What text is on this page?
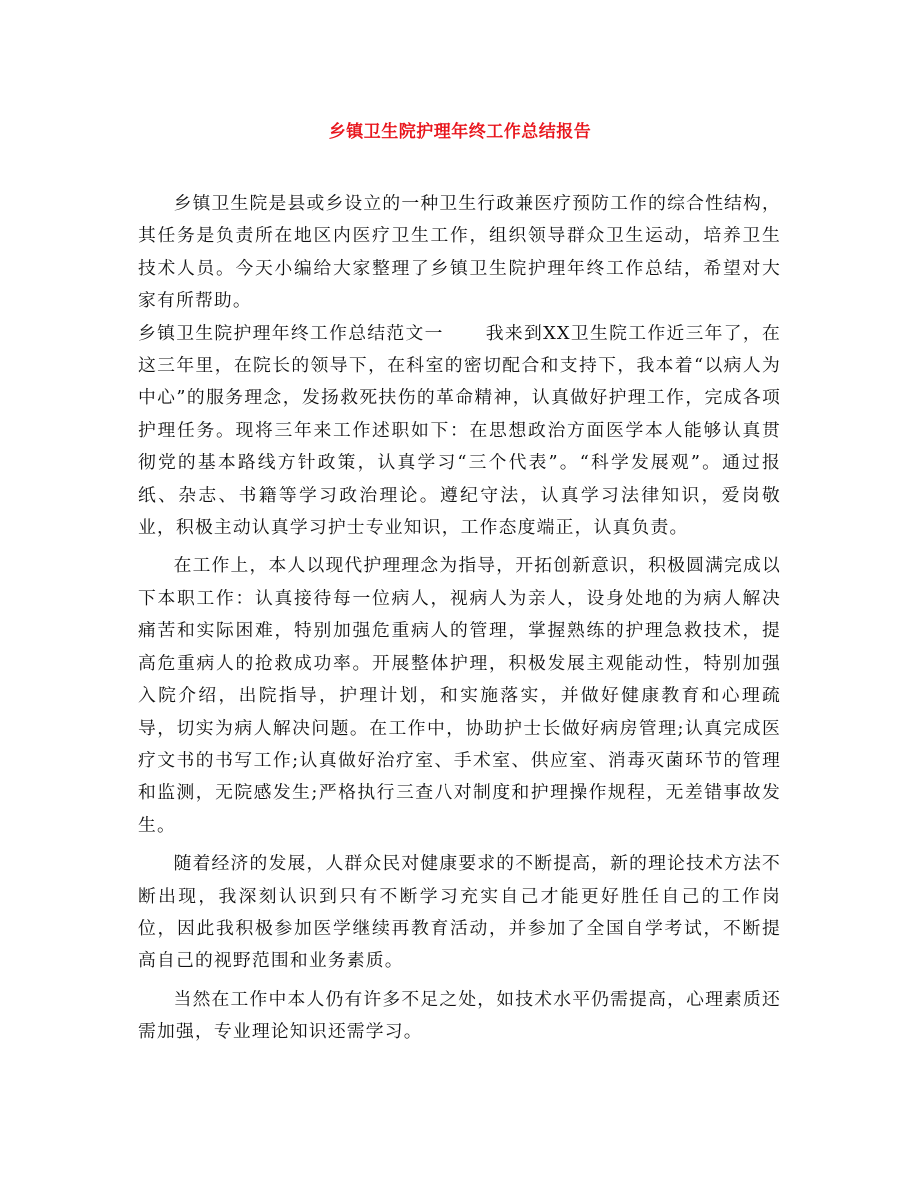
乡镇卫生院护理年终工作总结报告

乡镇卫生院是县或乡设立的一种卫生行政兼医疗预防工作的综合性结构，其任务是负责所在地区内医疗卫生工作，组织领导群众卫生运动，培养卫生技术人员。今天小编给大家整理了乡镇卫生院护理年终工作总结，希望对大家有所帮助。

乡镇卫生院护理年终工作总结范文一 我来到XX卫生院工作近三年了，在这三年里，在院长的领导下，在科室的密切配合和支持下，我本着“以病人为中心”的服务理念，发扬救死扶伤的革命精神，认真做好护理工作，完成各项护理任务。现将三年来工作述职如下：在思想政治方面医学本人能够认真贯彻党的基本路线方针政策，认真学习“三个代表”。“科学发展观”。通过报纸、杂志、书籍等学习政治理论。遵纪守法，认真学习法律知识，爱岗敬业，积极主动认真学习护士专业知识，工作态度端正，认真负责。

在工作上，本人以现代护理理念为指导，开拓创新意识，积极圆满完成以下本职工作：认真接待每一位病人，视病人为亲人，设身处地的为病人解决痛苦和实际困难，特别加强危重病人的管理，掌握熟练的护理急救技术，提高危重病人的抢救成功率。开展整体护理，积极发展主观能动性，特别加强入院介绍，出院指导，护理计划，和实施落实，并做好健康教育和心理疏导，切实为病人解决问题。在工作中，协助护士长做好病房管理;认真完成医疗文书的书写工作;认真做好治疗室、手术室、供应室、消毒灭菌环节的管理和监测，无院感发生;严格执行三查八对制度和护理操作规程，无差错事故发生。

随着经济的发展，人群众民对健康要求的不断提高，新的理论技术方法不断出现，我深刻认识到只有不断学习充实自己才能更好胜任自己的工作岗位，因此我积极参加医学继续再教育活动，并参加了全国自学考试，不断提高自己的视野范围和业务素质。

当然在工作中本人仍有许多不足之处，如技术水平仍需提高，心理素质还需加强，专业理论知识还需学习。
